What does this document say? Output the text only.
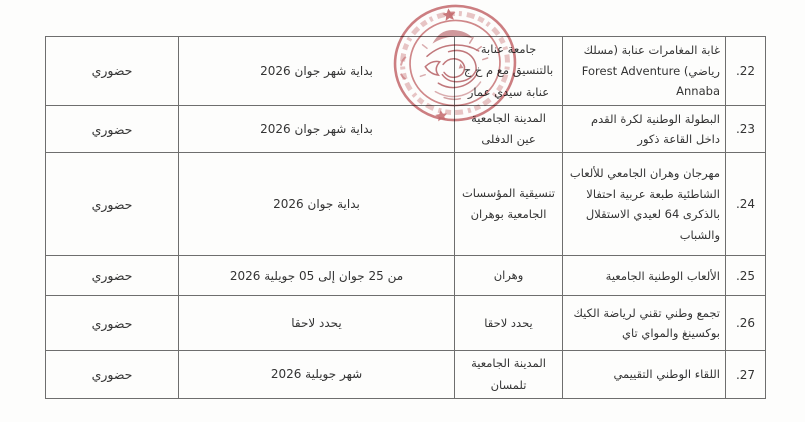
.22	غابة المغامرات عنابة (مسلك رياضي) Forest Adventure Annaba	جامعة عنابة بالتنسيق مع م خ ج عنابة سيدي عمار	بداية شهر جوان 2026	حضوري
.23	البطولة الوطنية لكرة القدم داخل القاعة ذكور	المدينة الجامعية عين الدفلى	بداية شهر جوان 2026	حضوري
.24	مهرجان وهران الجامعي للألعاب الشاطئية طبعة عربية احتفالا بالذكرى 64 لعيدي الاستقلال والشباب	تنسيقية المؤسسات الجامعية بوهران	بداية جوان 2026	حضوري
.25	الألعاب الوطنية الجامعية	وهران	من 25 جوان إلى 05 جويلية 2026	حضوري
.26	تجمع وطني تقني لرياضة الكيك بوكسينغ والمواي تاي	يحدد لاحقا	يحدد لاحقا	حضوري
.27	اللقاء الوطني التقييمي	المدينة الجامعية تلمسان	شهر جويلية 2026	حضوري
